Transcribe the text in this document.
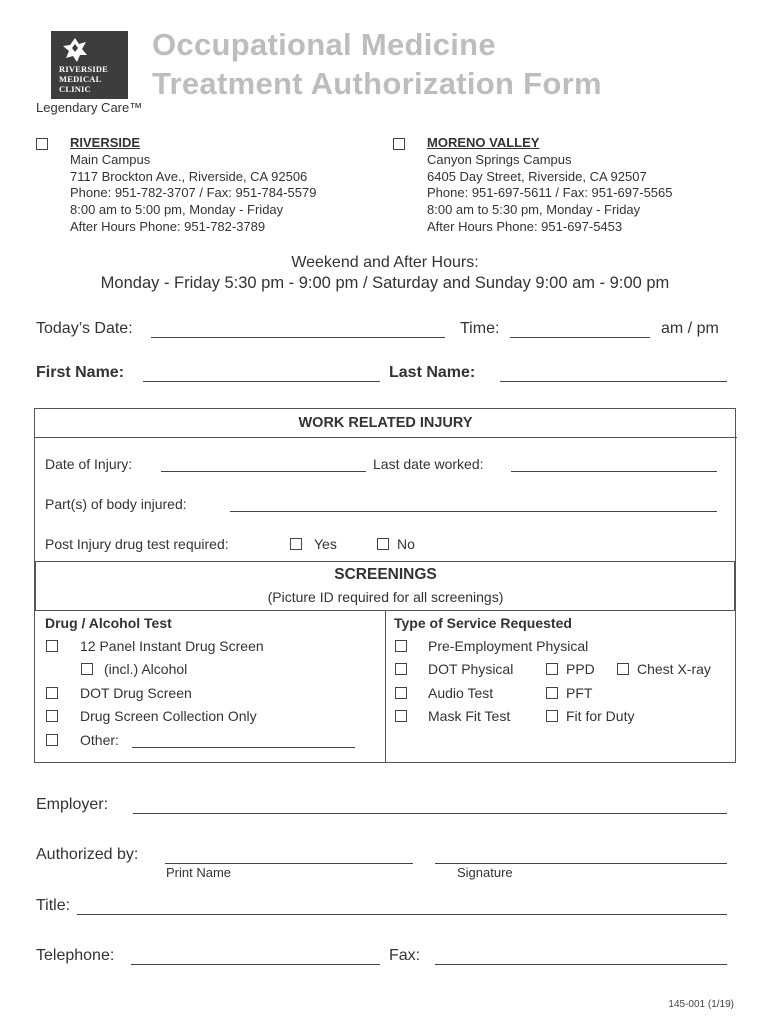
RIVERSIDE
MEDICAL
CLINIC
Legendary Care™
Occupational Medicine
Treatment Authorization Form
RIVERSIDE
Main Campus
7117 Brockton Ave., Riverside, CA 92506
Phone: 951-782-3707 / Fax: 951-784-5579
8:00 am to 5:00 pm, Monday - Friday
After Hours Phone: 951-782-3789
MORENO VALLEY
Canyon Springs Campus
6405 Day Street, Riverside, CA 92507
Phone: 951-697-5611 / Fax: 951-697-5565
8:00 am to 5:30 pm, Monday - Friday
After Hours Phone: 951-697-5453
Weekend and After Hours:
Monday - Friday 5:30 pm - 9:00 pm / Saturday and Sunday 9:00 am - 9:00 pm
Today’s Date:	Time:	am / pm
First Name:	Last Name:
WORK RELATED INJURY
Date of Injury:	Last date worked:
Part(s) of body injured:
Post Injury drug test required:	Yes	No
SCREENINGS
(Picture ID required for all screenings)
Drug / Alcohol Test
12 Panel Instant Drug Screen
(incl.) Alcohol
DOT Drug Screen
Drug Screen Collection Only
Other:
Type of Service Requested
Pre-Employment Physical
DOT Physical	PPD	Chest X-ray
Audio Test	PFT
Mask Fit Test	Fit for Duty
Employer:
Authorized by:
Print Name	Signature
Title:
Telephone:	Fax:
145-001 (1/19)
